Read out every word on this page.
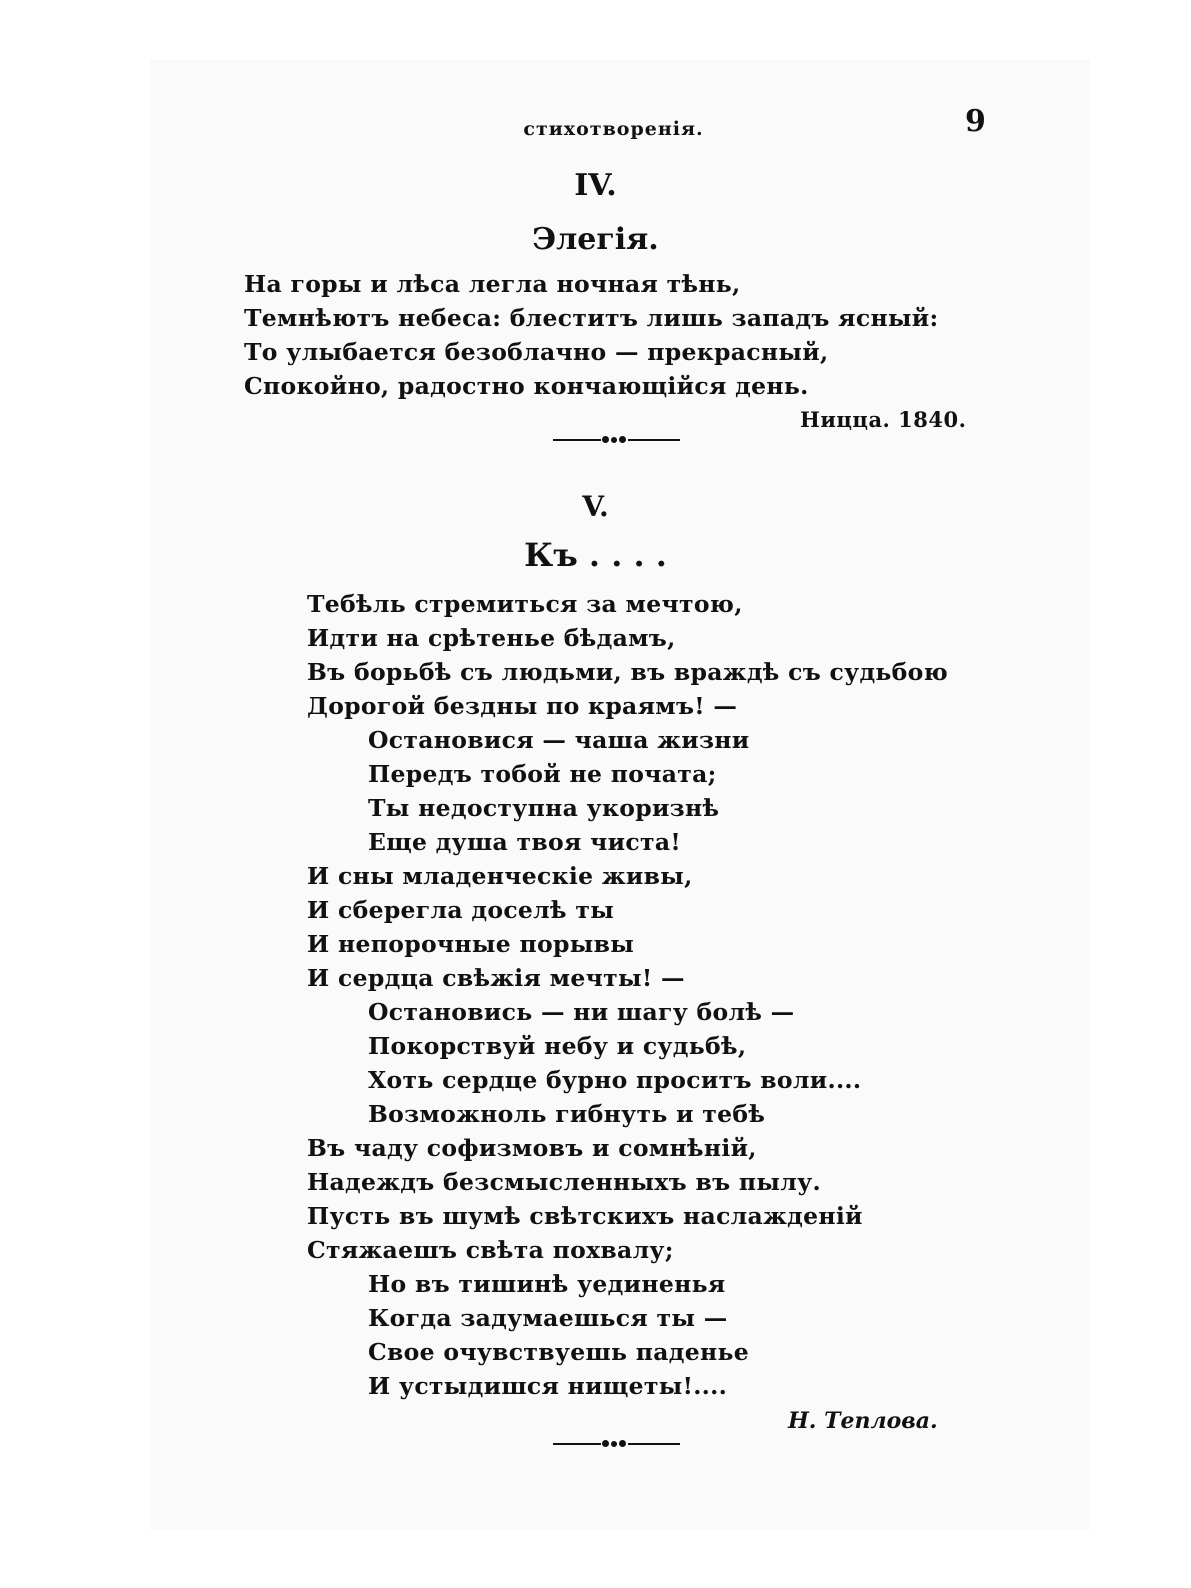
стихотворенія.	9
IV.
Элегія.
На горы и лѣса легла ночная тѣнь,
Темнѣютъ небеса: блеститъ лишь западъ ясный:
То улыбается безоблачно — прекрасный,
Спокойно, радостно кончающійся день.
Ницца. 1840.
V.
Къ . . . .
Тебѣль стремиться за мечтою,
Идти на срѣтенье бѣдамъ,
Въ борьбѣ съ людьми, въ враждѣ съ судьбою
Дорогой бездны по краямъ! —
Остановися — чаша жизни
Передъ тобой не почата;
Ты недоступна укоризнѣ
Еще душа твоя чиста!
И сны младенческіе живы,
И сберегла доселѣ ты
И непорочные порывы
И сердца свѣжія мечты! —
Остановись — ни шагу болѣ —
Покорствуй небу и судьбѣ,
Хоть сердце бурно проситъ воли....
Возможноль гибнуть и тебѣ
Въ чаду софизмовъ и сомнѣній,
Надеждъ безсмысленныхъ въ пылу.
Пусть въ шумѣ свѣтскихъ наслажденій
Стяжаешъ свѣта похвалу;
Но въ тишинѣ уединенья
Когда задумаешься ты —
Свое очувствуешь паденье
И устыдишся нищеты!....
Н. Теплова.
